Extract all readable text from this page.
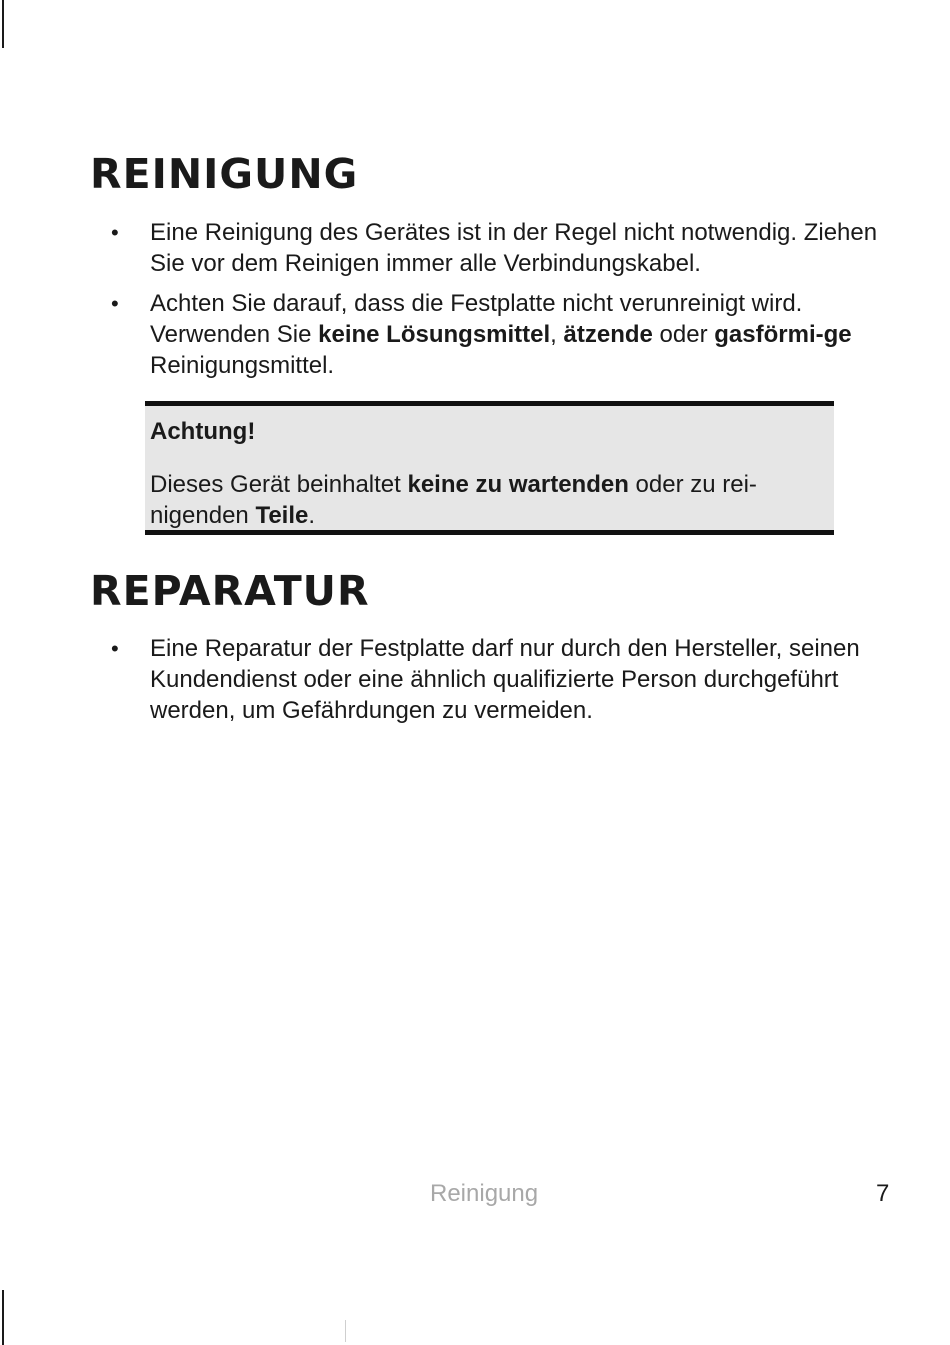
REINIGUNG
• Eine Reinigung des Gerätes ist in der Regel nicht notwendig. Ziehen Sie vor dem Reinigen immer alle Verbindungskabel.
• Achten Sie darauf, dass die Festplatte nicht verunreinigt wird. Verwenden Sie keine Lösungsmittel, ätzende oder gasförmi-ge Reinigungsmittel.
Achtung!
Dieses Gerät beinhaltet keine zu wartenden oder zu rei-nigenden Teile.
REPARATUR
• Eine Reparatur der Festplatte darf nur durch den Hersteller, seinen Kundendienst oder eine ähnlich qualifizierte Person durchgeführt werden, um Gefährdungen zu vermeiden.
Reinigung	7
